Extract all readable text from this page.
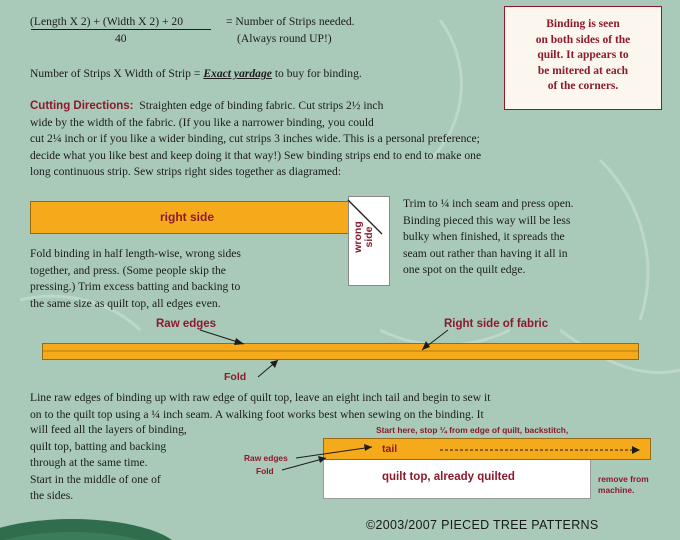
(Length X 2) + (Width X 2) + 20
40
= Number of Strips needed.
(Always round UP!)
Binding is seen
on both sides of the
quilt. It appears to
be mitered at each
of the corners.
Number of Strips X Width of Strip = Exact yardage to buy for binding.
Cutting Directions: Straighten edge of binding fabric. Cut strips 2½ inch
wide by the width of the fabric. (If you like a narrower binding, you could
cut 2¼ inch or if you like a wider binding, cut strips 3 inches wide. This is a personal preference;
decide what you like best and keep doing it that way!) Sew binding strips end to end to make one
long continuous strip. Sew strips right sides together as diagramed:
right side
wrong side
Trim to ¼ inch seam and press open.
Binding pieced this way will be less
bulky when finished, it spreads the
seam out rather than having it all in
one spot on the quilt edge.
Fold binding in half length-wise, wrong sides
together, and press. (Some people skip the
pressing.) Trim excess batting and backing to
the same size as quilt top, all edges even.
Raw edges	Right side of fabric
Fold
Line raw edges of binding up with raw edge of quilt top, leave an eight inch tail and begin to sew it
on to the quilt top using a ¼ inch seam. A walking foot works best when sewing on the binding. It
will feed all the layers of binding,
quilt top, batting and backing
through at the same time.
Start in the middle of one of
the sides.
quilt top, already quilted
tail
Start here, stop ¼ from edge of quilt, backstitch,
Raw edges
Fold
remove from
machine.
©2003/2007 PIECED TREE PATTERNS
